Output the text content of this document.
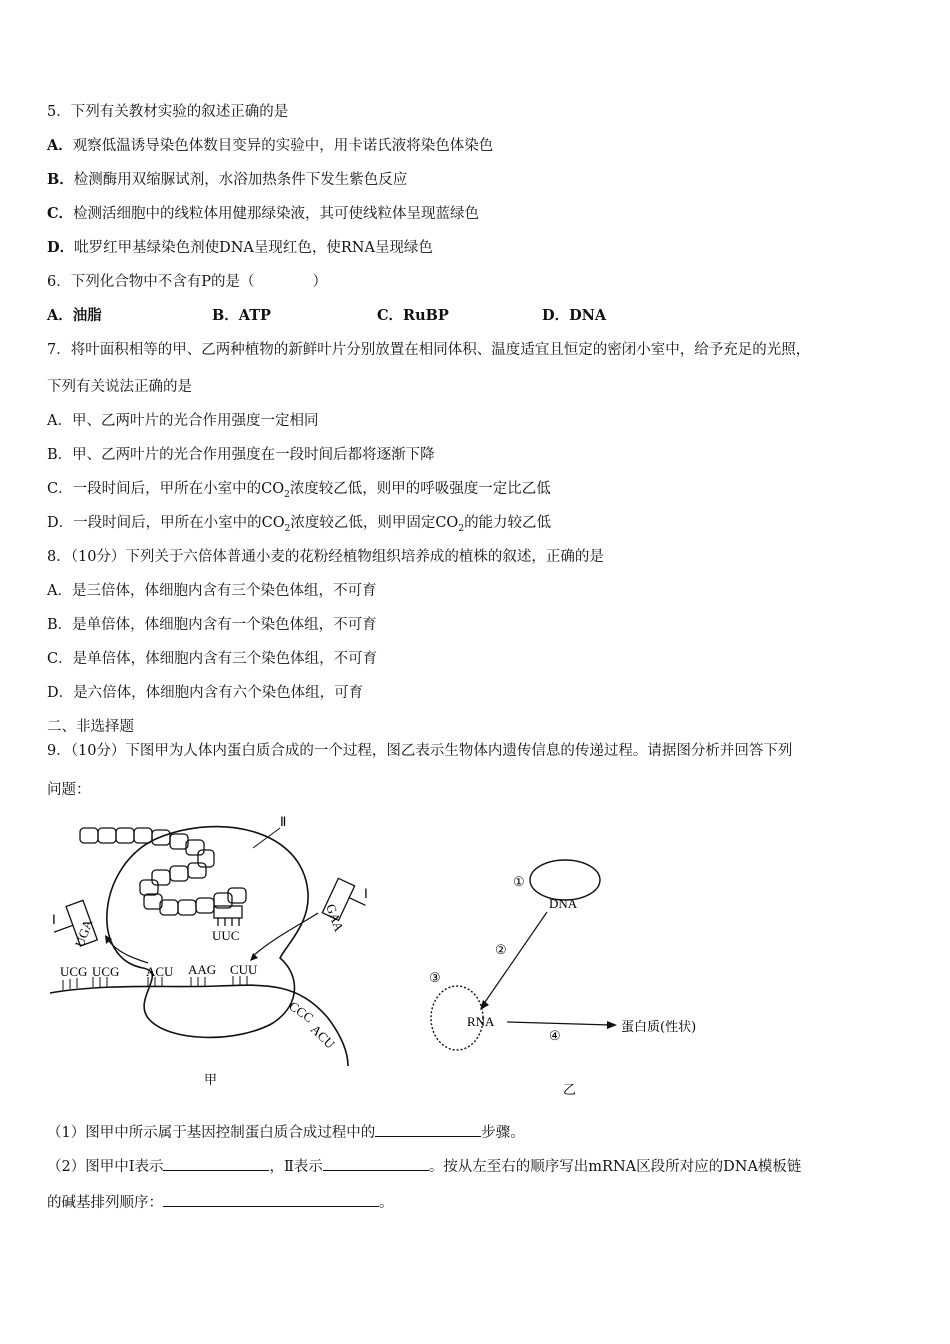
5．下列有关教材实验的叙述正确的是
A．观察低温诱导染色体数目变异的实验中，用卡诺氏液将染色体染色
B．检测酶用双缩脲试剂，水浴加热条件下发生紫色反应
C．检测活细胞中的线粒体用健那绿染液，其可使线粒体呈现蓝绿色
D．吡罗红甲基绿染色剂使DNA呈现红色，使RNA呈现绿色
6．下列化合物中不含有P的是（　　　　）
A．油脂	B．ATP	C．RuBP	D．DNA
7．将叶面积相等的甲、乙两种植物的新鲜叶片分别放置在相同体积、温度适宜且恒定的密闭小室中，给予充足的光照，
下列有关说法正确的是
A．甲、乙两叶片的光合作用强度一定相同
B．甲、乙两叶片的光合作用强度在一段时间后都将逐渐下降
C．一段时间后，甲所在小室中的$CO_2$浓度较乙低，则甲的呼吸强度一定比乙低
D．一段时间后，甲所在小室中的$CO_2$浓度较乙低，则甲固定$CO_2$的能力较乙低
8．（10分）下列关于六倍体普通小麦的花粉经植物组织培养成的植株的叙述，正确的是
A．是三倍体，体细胞内含有三个染色体组，不可育
B．是单倍体，体细胞内含有一个染色体组，不可育
C．是单倍体，体细胞内含有三个染色体组，不可育
D．是六倍体，体细胞内含有六个染色体组，可育
二、非选择题
9．（10分）下图甲为人体内蛋白质合成的一个过程，图乙表示生物体内遗传信息的传递过程。请据图分析并回答下列
问题：
UUC
UCG UCG ACU AAG CUU
CCC
ACU
UGA
Ⅰ	GAA
Ⅰ
Ⅱ
甲
DNA
①
②
③
RNA
④
蛋白质(性状)
乙
（1）图甲中所示属于基因控制蛋白质合成过程中的	步骤。
（2）图甲中Ⅰ表示	，Ⅱ表示	。按从左至右的顺序写出mRNA区段所对应的DNA模板链
的碱基排列顺序：	。
